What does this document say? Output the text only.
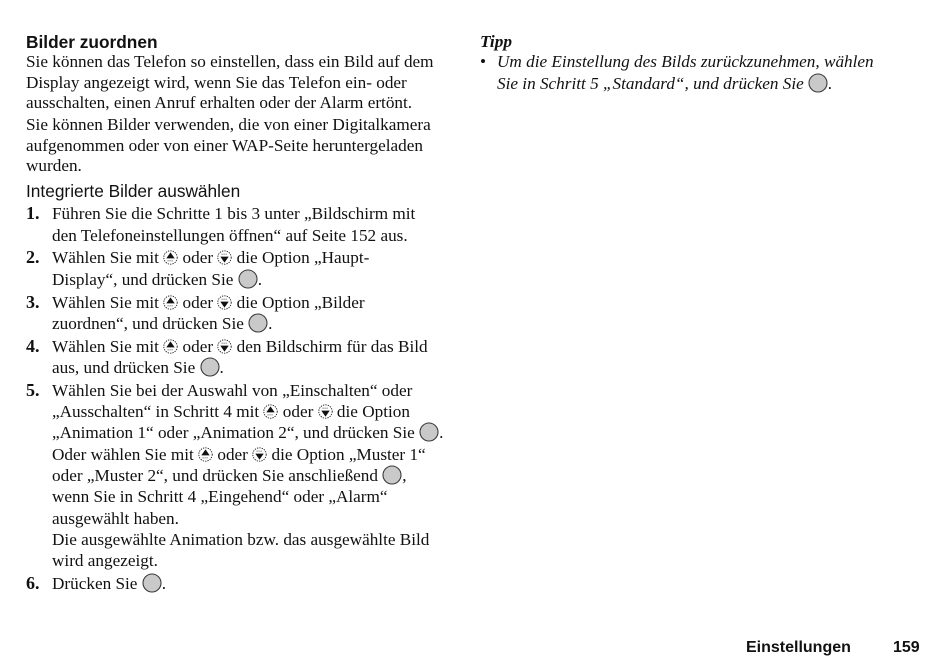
Bilder zuordnen
Sie können das Telefon so einstellen, dass ein Bild auf dem
Display angezeigt wird, wenn Sie das Telefon ein- oder
ausschalten, einen Anruf erhalten oder der Alarm ertönt.
Sie können Bilder verwenden, die von einer Digitalkamera
aufgenommen oder von einer WAP-Seite heruntergeladen
wurden.
Integrierte Bilder auswählen
1. Führen Sie die Schritte 1 bis 3 unter „Bildschirm mit
den Telefoneinstellungen öffnen“ auf Seite 152 aus.
2. Wählen Sie mit
oder
die Option „Haupt-
Display“, und drücken Sie
.
3. Wählen Sie mit
oder
die Option „Bilder
zuordnen“, und drücken Sie
.
4. Wählen Sie mit
oder
den Bildschirm für das Bild
aus, und drücken Sie
.
5. Wählen Sie bei der Auswahl von „Einschalten“ oder
„Ausschalten“ in Schritt 4 mit
oder
die Option
„Animation 1“ oder „Animation 2“, und drücken Sie
.
Oder wählen Sie mit
oder
die Option „Muster 1“
oder „Muster 2“, und drücken Sie anschließend
,
wenn Sie in Schritt 4 „Eingehend“ oder „Alarm“
ausgewählt haben.
Die ausgewählte Animation bzw. das ausgewählte Bild
wird angezeigt.
6. Drücken Sie
.
Tipp
• Um die Einstellung des Bilds zurückzunehmen, wählen
Sie in Schritt 5 „Standard“, und drücken Sie
.
Einstellungen	159
